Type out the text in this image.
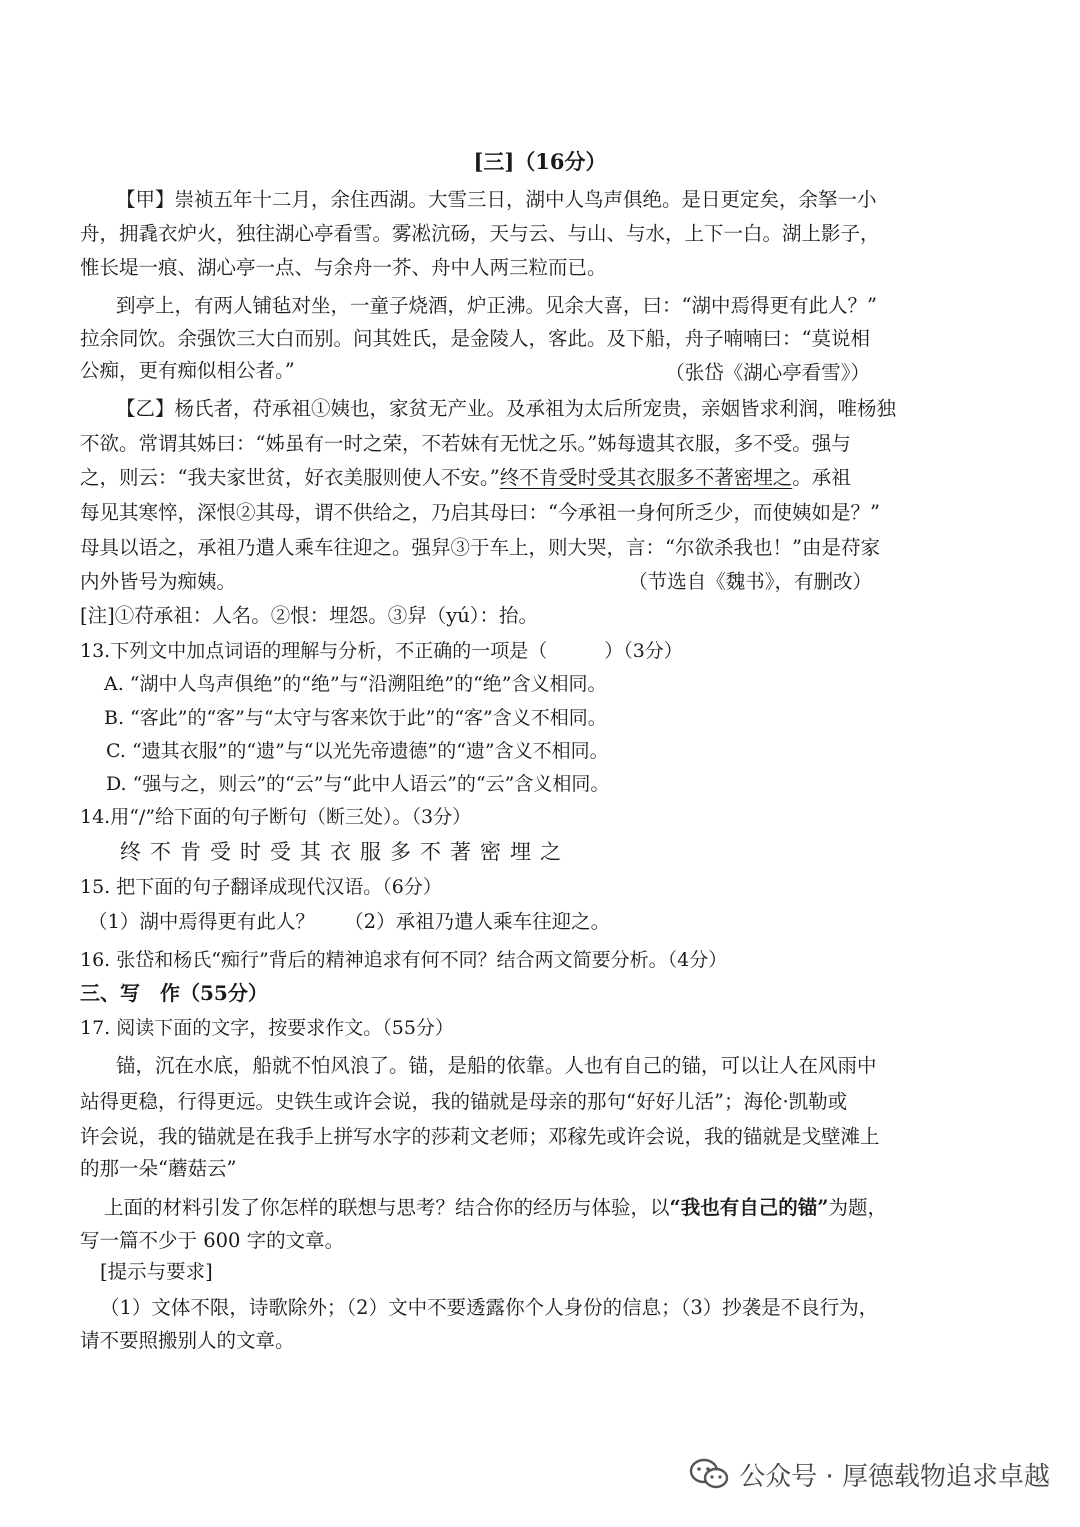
[三]（16分）
【甲】崇祯五年十二月，余住西湖。大雪三日，湖中人鸟声俱绝。是日更定矣，余拏一小
舟，拥毳衣炉火，独往湖心亭看雪。雾凇沆砀，天与云、与山、与水，上下一白。湖上影子，
惟长堤一痕、湖心亭一点、与余舟一芥、舟中人两三粒而已。
到亭上，有两人铺毡对坐，一童子烧酒，炉正沸。见余大喜，曰：“湖中焉得更有此人？”
拉余同饮。余强饮三大白而别。问其姓氏，是金陵人，客此。及下船，舟子喃喃曰：“莫说相
公痴，更有痴似相公者。”	（张岱《湖心亭看雪》）
【乙】杨氏者，苻承祖①姨也，家贫无产业。及承祖为太后所宠贵，亲姻皆求利润，唯杨独
不欲。常谓其姊曰：“姊虽有一时之荣，不若妹有无忧之乐。”姊每遗其衣服，多不受。强与
之，则云：“我夫家世贫，好衣美服则使人不安。”终不肯受时受其衣服多不著密埋之。承祖
每见其寒悴，深恨②其母，谓不供给之，乃启其母曰：“今承祖一身何所乏少，而使姨如是？”
母具以语之，承祖乃遣人乘车往迎之。强舁③于车上，则大哭，言：“尔欲杀我也！”由是苻家
内外皆号为痴姨。	（节选自《魏书》，有删改）
[注]①苻承祖：人名。②恨：埋怨。③舁（yú）：抬。
13.下列文中加点词语的理解与分析，不正确的一项是（　　　）（3分）
A. “湖中人鸟声俱绝”的“绝”与“沿溯阻绝”的“绝”含义相同。
B. “客此”的“客”与“太守与客来饮于此”的“客”含义不相同。
C. “遗其衣服”的“遗”与“以光先帝遗德”的“遗”含义不相同。
D. “强与之，则云”的“云”与“此中人语云”的“云”含义相同。
14.用“/”给下面的句子断句（断三处）。（3分）
终不肯受时受其衣服多不著密埋之
15. 把下面的句子翻译成现代汉语。（6分）
（1）湖中焉得更有此人？　　（2）承祖乃遣人乘车往迎之。
16. 张岱和杨氏“痴行”背后的精神追求有何不同？结合两文简要分析。（4分）
三、写　作（55分）
17. 阅读下面的文字，按要求作文。（55分）
锚，沉在水底，船就不怕风浪了。锚，是船的依靠。人也有自己的锚，可以让人在风雨中
站得更稳，行得更远。史铁生或许会说，我的锚就是母亲的那句“好好儿活”；海伦·凯勒或
许会说，我的锚就是在我手上拼写水字的莎莉文老师；邓稼先或许会说，我的锚就是戈壁滩上
的那一朵“蘑菇云”
上面的材料引发了你怎样的联想与思考？结合你的经历与体验，以“我也有自己的锚”为题，
写一篇不少于 600 字的文章。
[提示与要求]
（1）文体不限，诗歌除外；（2）文中不要透露你个人身份的信息；（3）抄袭是不良行为，
请不要照搬别人的文章。
公众号 · 厚德载物追求卓越
